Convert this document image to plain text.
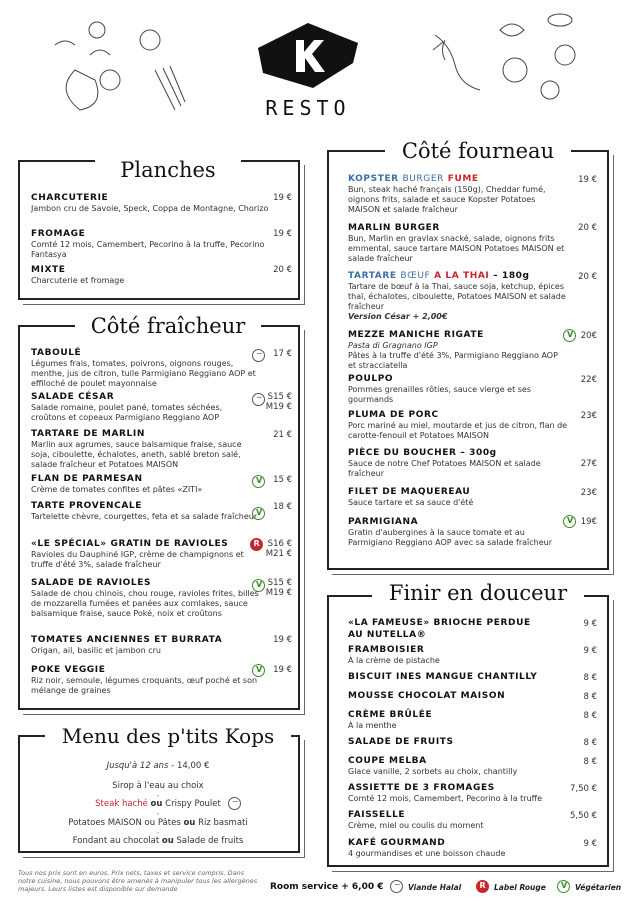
RESTO
Planches
CHARCUTERIE
Jambon cru de Savoie, Speck, Coppa de Montagne, Chorizo
19 €
FROMAGE
Comté 12 mois, Camembert, Pecorino à la truffe, Pecorino Fantasya
19 €
MIXTE
Charcuterie et fromage
20 €
Côté fraîcheur
TABOULÉ
Légumes frais, tomates, poivrons, oignons rouges, menthe, jus de citron, tuile Parmigiano Reggiano AOP et effiloché de poulet mayonnaise
~
17 €
SALADE CÉSAR
Salade romaine, poulet pané, tomates séchées, croûtons et copeaux Parmigiano Reggiano AOP
~
S15 €
M19 €
TARTARE DE MARLIN
Marlin aux agrumes, sauce balsamique fraise, sauce soja, ciboulette, échalotes, aneth, sablé breton salé, salade fraîcheur et Potatoes MAISON
21 €
FLAN DE PARMESAN
Crème de tomates confites et pâtes «ZITI»
V
15 €
TARTE PROVENCALE
Tartelette chèvre, courgettes, feta et sa salade fraîcheur
V
18 €
«LE SPÉCIAL» GRATIN DE RAVIOLES
Ravioles du Dauphiné IGP, crème de champignons et truffe d'été 3%, salade fraîcheur
R
S16 €
M21 €
SALADE DE RAVIOLES
Salade de chou chinois, chou rouge, ravioles frites, billes de mozzarella fumées et panées aux cornlakes, sauce balsamique fraise, sauce Poké, noix et croûtons
V
S15 €
M19 €
TOMATES ANCIENNES ET BURRATA
Origan, ail, basilic et jambon cru
19 €
POKE VEGGIE
Riz noir, semoule, légumes croquants, œuf poché et son mélange de graines
V
19 €
Menu des p'tits Kops
Jusqu'à 12 ans - 14,00 €
Sirop à l'eau au choix
-
Steak haché ou Crispy Poulet
~
-
Potatoes MAISON ou Pâtes ou Riz basmati
-
Fondant au chocolat ou Salade de fruits
Côté fourneau
KOPSTER BURGER FUME
Bun, steak haché français (150g), Cheddar fumé, oignons frits, salade et sauce Kopster Potatoes MAISON et salade fraîcheur
19 €
MARLIN BURGER
Bun, Marlin en gravlax snacké, salade, oignons frits emmental, sauce tartare MAISON Potatoes MAISON et salade fraîcheur
20 €
TARTARE BŒUF A LA THAI – 180g
Tartare de bœuf à la Thai, sauce soja, ketchup, épices thaï, échalotes, ciboulette, Potatoes MAISON et salade fraîcheur
Version César + 2,00€
20 €
MEZZE MANICHE RIGATE
Pasta di Gragnano IGP
Pâtes à la truffe d'été 3%, Parmigiano Reggiano AOP et stracciatella
V
20€
POULPO
Pommes grenailles rôties, sauce vierge et ses gourmands
22€
PLUMA DE PORC
Porc mariné au miel, moutarde et jus de citron, flan de carotte-fenouil et Potatoes MAISON
23€
PIÈCE DU BOUCHER – 300g
Sauce de notre Chef Potatoes MAISON et salade fraîcheur
27€
FILET DE MAQUEREAU
Sauce tartare et sa sauce d'été
23€
PARMIGIANA
Gratin d'aubergines à la sauce tomate et au Parmigiano Reggiano AOP avec sa salade fraîcheur
V
19€
Finir en douceur
«LA FAMEUSE» BRIOCHE PERDUE AU NUTELLA®
9 €
FRAMBOISIER
À la crème de pistache
9 €
BISCUIT INES MANGUE CHANTILLY	8 €
MOUSSE CHOCOLAT MAISON	8 €
CRÈME BRÛLÉE
À la menthe
8 €
SALADE DE FRUITS	8 €
COUPE MELBA
Glace vanille, 2 sorbets au choix, chantilly
8 €
ASSIETTE DE 3 FROMAGES
Comté 12 mois, Camembert, Pecorino à la truffe
7,50 €
FAISSELLE
Crème, miel ou coulis du moment
5,50 €
KAFÉ GOURMAND
4 gourmandises et une boisson chaude
9 €
Tous nos prix sont en euros. Prix nets, taxes et service compris. Dans notre cuisine, nous pouvons être amenés à manipuler tous les allergènes majeurs. Leurs listes est disponible sur demande	Room service + 6,00 € ~	Viande Halal R	Label Rouge V	Végétarien
